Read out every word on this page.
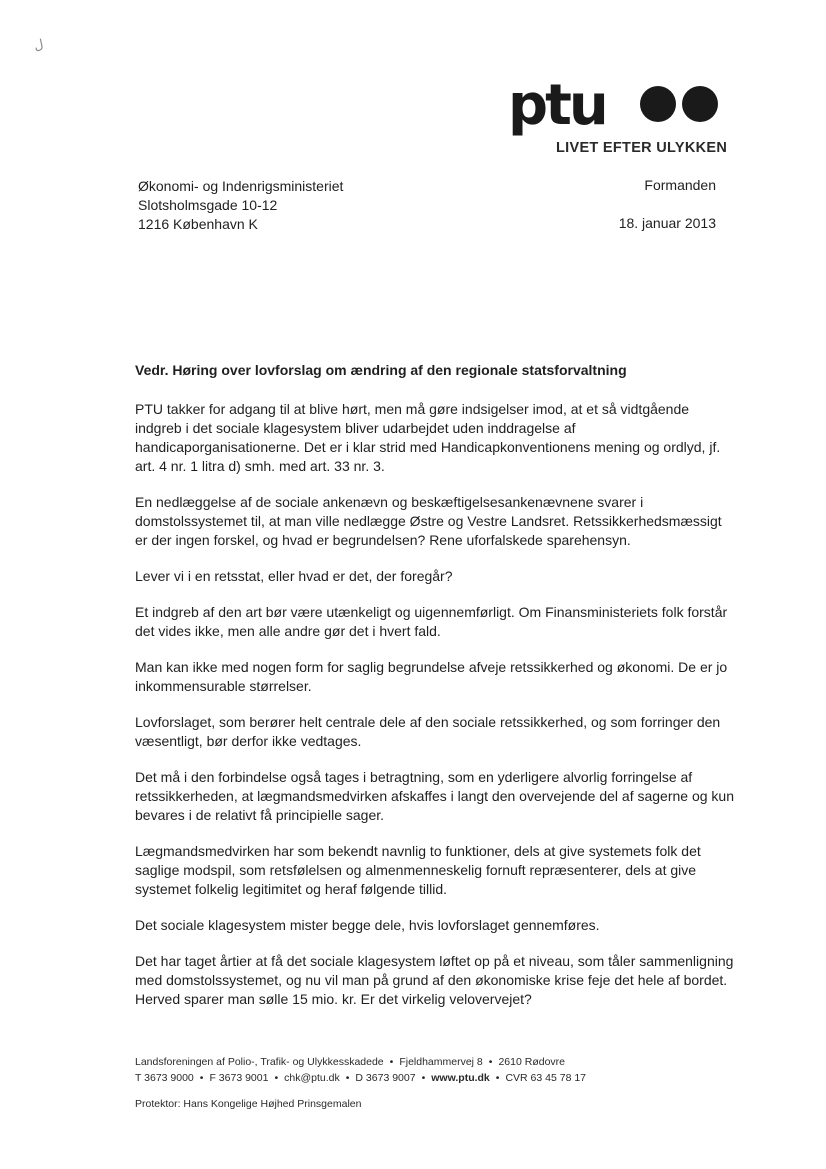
ل
ptu
LIVET EFTER ULYKKEN
Økonomi- og Indenrigsministeriet
Slotsholmsgade 10-12
1216 København K
Formanden
18. januar 2013

Vedr. Høring over lovforslag om ændring af den regionale statsforvaltning

PTU takker for adgang til at blive hørt, men må gøre indsigelser imod, at et så vidtgående indgreb i det sociale klagesystem bliver udarbejdet uden inddragelse af handicaporganisationerne. Det er i klar strid med Handicapkonventionens mening og ordlyd, jf. art. 4 nr. 1 litra d) smh. med art. 33 nr. 3.

En nedlæggelse af de sociale ankenævn og beskæftigelsesankenævnene svarer i domstolssystemet til, at man ville nedlægge Østre og Vestre Landsret. Retssikkerhedsmæssigt er der ingen forskel, og hvad er begrundelsen? Rene uforfalskede sparehensyn.

Lever vi i en retsstat, eller hvad er det, der foregår?

Et indgreb af den art bør være utænkeligt og uigennemførligt. Om Finansministeriets folk forstår det vides ikke, men alle andre gør det i hvert fald.

Man kan ikke med nogen form for saglig begrundelse afveje retssikkerhed og økonomi. De er jo inkommensurable størrelser.

Lovforslaget, som berører helt centrale dele af den sociale retssikkerhed, og som forringer den væsentligt, bør derfor ikke vedtages.

Det må i den forbindelse også tages i betragtning, som en yderligere alvorlig forringelse af retssikkerheden, at lægmandsmedvirken afskaffes i langt den overvejende del af sagerne og kun bevares i de relativt få principielle sager.

Lægmandsmedvirken har som bekendt navnlig to funktioner, dels at give systemets folk det saglige modspil, som retsfølelsen og almenmenneskelig fornuft repræsenterer, dels at give systemet folkelig legitimitet og heraf følgende tillid.

Det sociale klagesystem mister begge dele, hvis lovforslaget gennemføres.

Det har taget årtier at få det sociale klagesystem løftet op på et niveau, som tåler sammenligning med domstolssystemet, og nu vil man på grund af den økonomiske krise feje det hele af bordet. Herved sparer man sølle 15 mio. kr. Er det virkelig velovervejet?

Landsforeningen af Polio-, Trafik- og Ulykkesskadede • Fjeldhammervej 8 • 2610 Rødovre
T 3673 9000 • F 3673 9001 • chk@ptu.dk • D 3673 9007 • www.ptu.dk • CVR 63 45 78 17
Protektor: Hans Kongelige Højhed Prinsgemalen
